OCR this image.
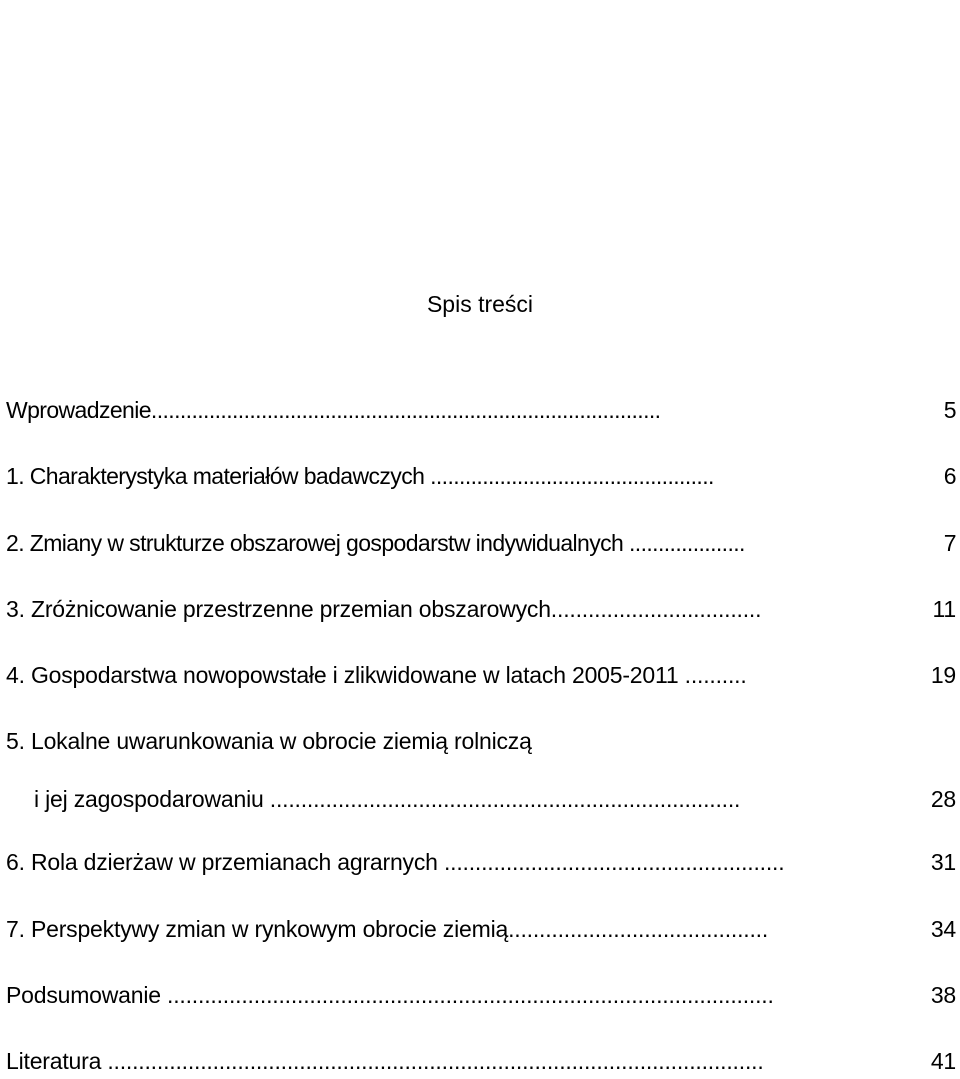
Spis treści
Wprowadzenie........................................................................................	5
1. Charakterystyka materiałów badawczych .................................................	6
2. Zmiany w strukturze obszarowej gospodarstw indywidualnych ....................	7
3. Zróżnicowanie przestrzenne przemian obszarowych..................................	11
4. Gospodarstwa nowopowstałe i zlikwidowane w latach 2005-2011 ..........	19
5. Lokalne uwarunkowania w obrocie ziemią rolniczą
i jej zagospodarowaniu ............................................................................	28
6. Rola dzierżaw w przemianach agrarnych .......................................................	31
7. Perspektywy zmian w rynkowym obrocie ziemią..........................................	34
Podsumowanie ..................................................................................................	38
Literatura ..........................................................................................................	41
